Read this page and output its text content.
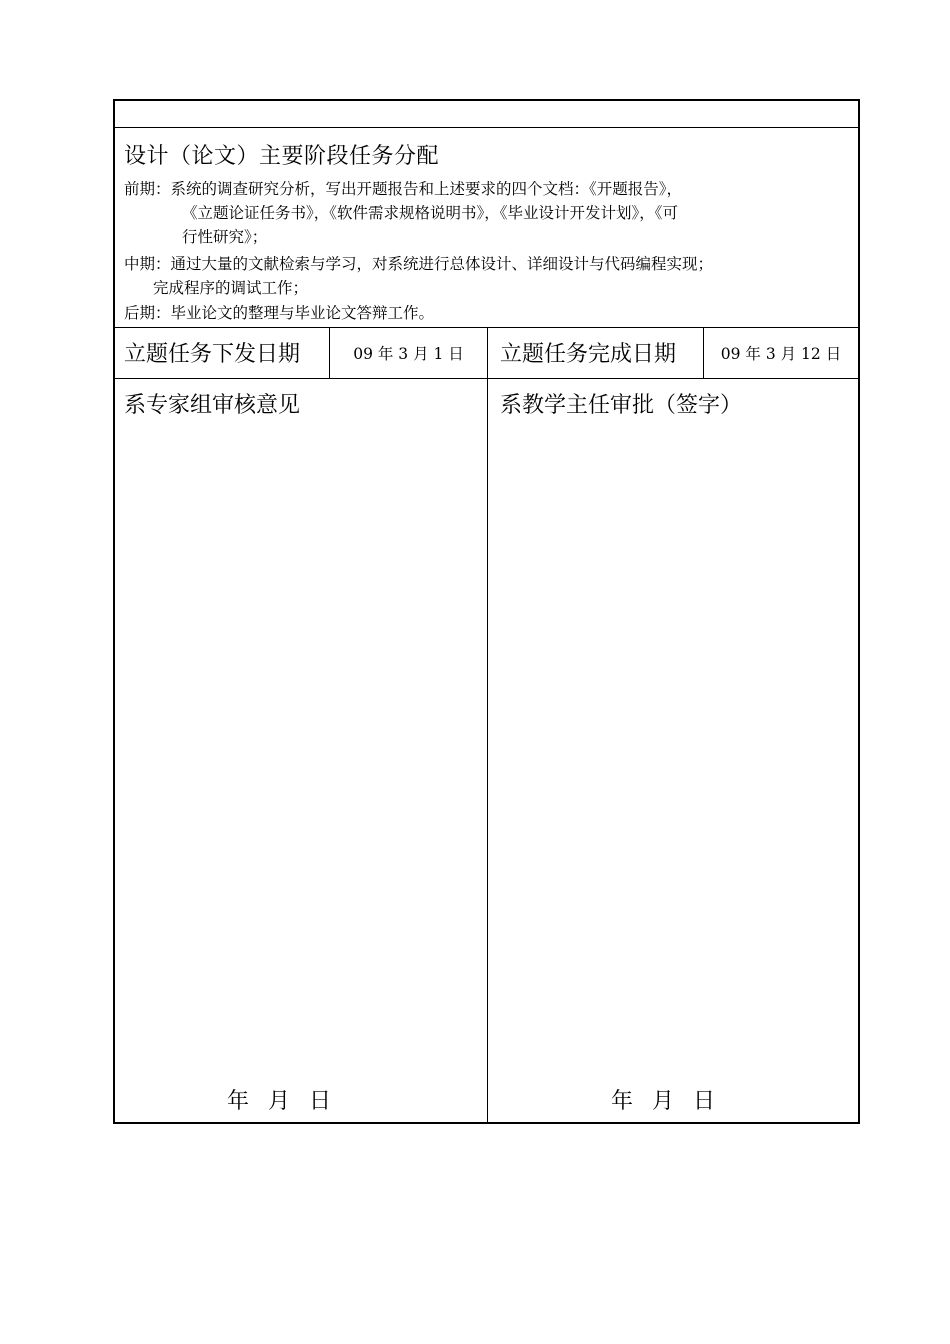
设计（论文）主要阶段任务分配
前期：系统的调查研究分析，写出开题报告和上述要求的四个文档：《开题报告》，
《立题论证任务书》，《软件需求规格说明书》，《毕业设计开发计划》，《可
行性研究》；
中期：通过大量的文献检索与学习，对系统进行总体设计、详细设计与代码编程实现；
完成程序的调试工作；
后期：毕业论文的整理与毕业论文答辩工作。
立题任务下发日期	09 年 3 月 1 日	立题任务完成日期	09 年 3 月 12 日
系专家组审核意见
年 月 日
系教学主任审批（签字）
年 月 日
